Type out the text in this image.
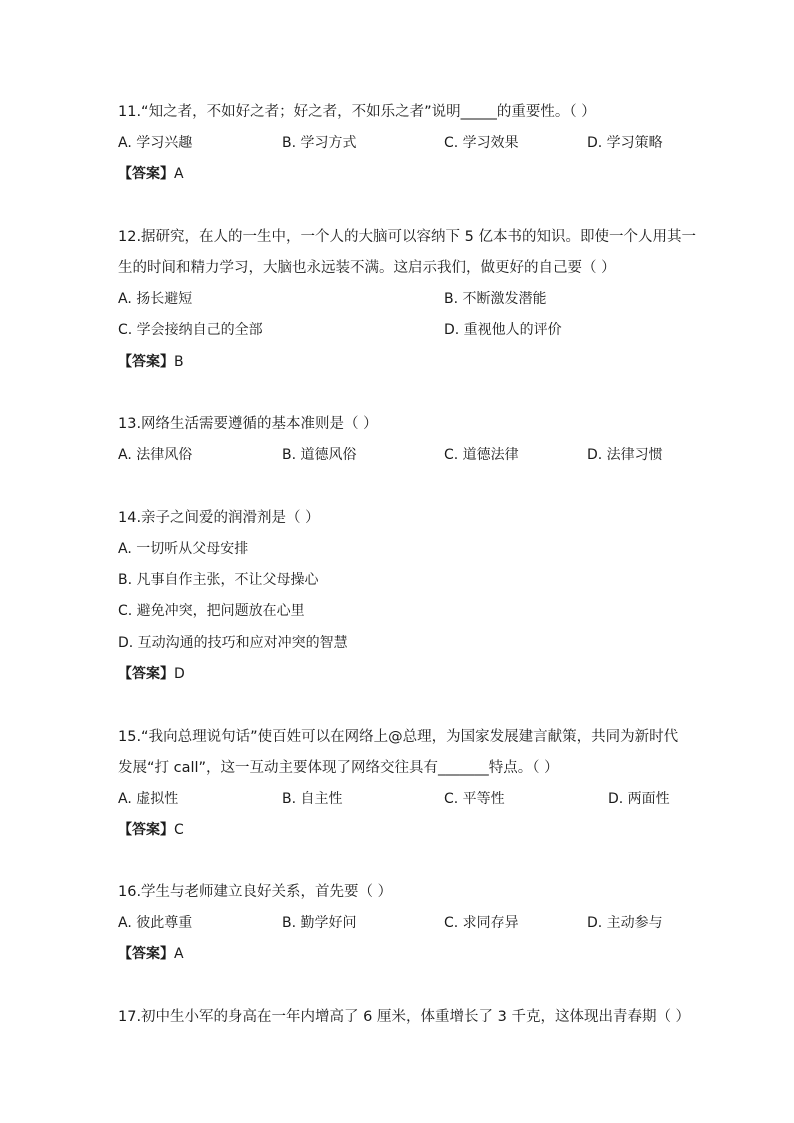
11.“知之者，不如好之者；好之者，不如乐之者”说明_____的重要性。（ ）
A. 学习兴趣	B. 学习方式	C. 学习效果	D. 学习策略
【答案】A
12.据研究，在人的一生中，一个人的大脑可以容纳下 5 亿本书的知识。即使一个人用其一
生的时间和精力学习，大脑也永远装不满。这启示我们，做更好的自己要（ ）
A. 扬长避短	B. 不断激发潜能
C. 学会接纳自己的全部	D. 重视他人的评价
【答案】B
13.网络生活需要遵循的基本准则是（ ）
A. 法律风俗	B. 道德风俗	C. 道德法律	D. 法律习惯
14.亲子之间爱的润滑剂是（ ）
A. 一切听从父母安排
B. 凡事自作主张，不让父母操心
C. 避免冲突，把问题放在心里
D. 互动沟通的技巧和应对冲突的智慧
【答案】D
15.“我向总理说句话”使百姓可以在网络上@总理，为国家发展建言献策，共同为新时代
发展“打 call”，这一互动主要体现了网络交往具有_______特点。（ ）
A. 虚拟性	B. 自主性	C. 平等性	D. 两面性
【答案】C
16.学生与老师建立良好关系，首先要（ ）
A. 彼此尊重	B. 勤学好问	C. 求同存异	D. 主动参与
【答案】A
17.初中生小军的身高在一年内增高了 6 厘米，体重增长了 3 千克，这体现出青春期（ ）
